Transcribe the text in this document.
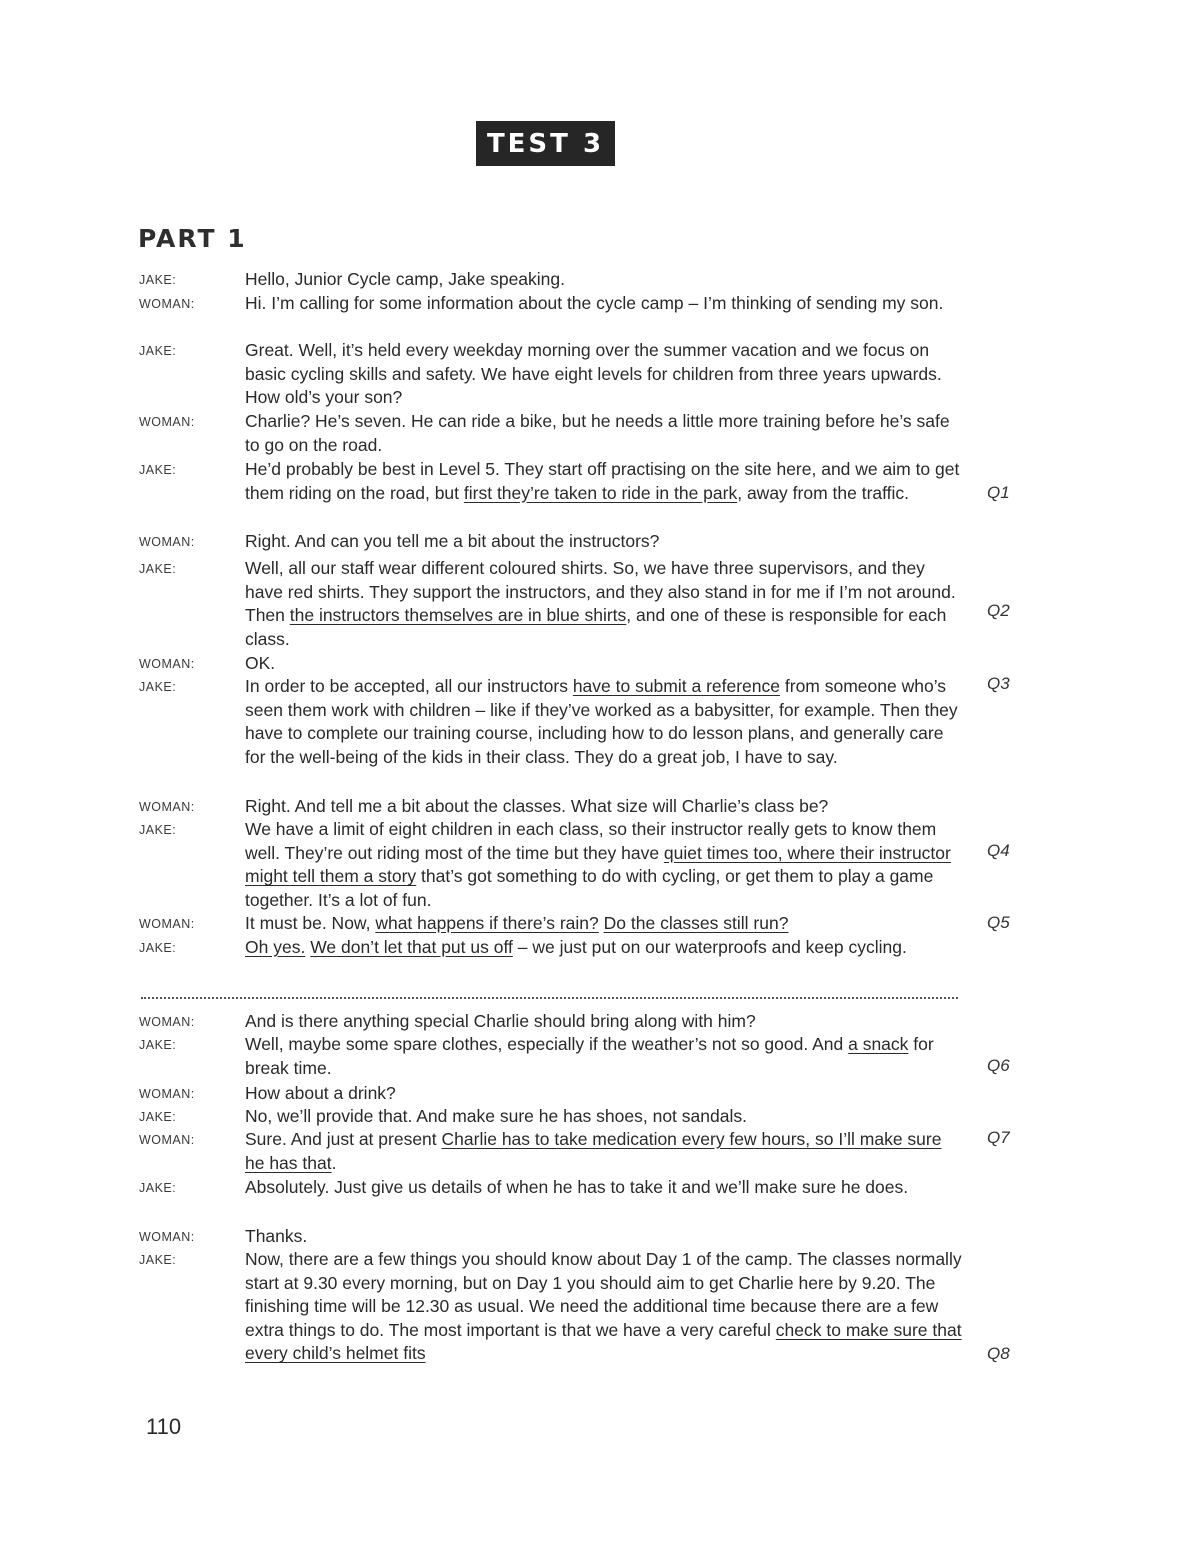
TEST 3
PART 1
JAKE:	Hello, Junior Cycle camp, Jake speaking.
WOMAN:	Hi. I’m calling for some information about the cycle camp – I’m thinking of sending my son.
JAKE:	Great. Well, it’s held every weekday morning over the summer vacation and we focus on basic cycling skills and safety. We have eight levels for children from three years upwards. How old’s your son?
WOMAN:	Charlie? He’s seven. He can ride a bike, but he needs a little more training before he’s safe to go on the road.
JAKE:	He’d probably be best in Level 5. They start off practising on the site here, and we aim to get them riding on the road, but first they’re taken to ride in the park, away from the traffic.
WOMAN:	Right. And can you tell me a bit about the instructors?
JAKE:	Well, all our staff wear different coloured shirts. So, we have three supervisors, and they have red shirts. They support the instructors, and they also stand in for me if I’m not around. Then the instructors themselves are in blue shirts, and one of these is responsible for each class.
WOMAN:	OK.
JAKE:	In order to be accepted, all our instructors have to submit a reference from someone who’s seen them work with children – like if they’ve worked as a babysitter, for example. Then they have to complete our training course, including how to do lesson plans, and generally care for the well-being of the kids in their class. They do a great job, I have to say.
WOMAN:	Right. And tell me a bit about the classes. What size will Charlie’s class be?
JAKE:	We have a limit of eight children in each class, so their instructor really gets to know them well. They’re out riding most of the time but they have quiet times too, where their instructor might tell them a story that’s got something to do with cycling, or get them to play a game together. It’s a lot of fun.
WOMAN:	It must be. Now, what happens if there’s rain? Do the classes still run?
JAKE:	Oh yes. We don’t let that put us off – we just put on our waterproofs and keep cycling.
WOMAN:	And is there anything special Charlie should bring along with him?
JAKE:	Well, maybe some spare clothes, especially if the weather’s not so good. And a snack for break time.
WOMAN:	How about a drink?
JAKE:	No, we’ll provide that. And make sure he has shoes, not sandals.
WOMAN:	Sure. And just at present Charlie has to take medication every few hours, so I’ll make sure he has that.
JAKE:	Absolutely. Just give us details of when he has to take it and we’ll make sure he does.
WOMAN:	Thanks.
JAKE:	Now, there are a few things you should know about Day 1 of the camp. The classes normally start at 9.30 every morning, but on Day 1 you should aim to get Charlie here by 9.20. The finishing time will be 12.30 as usual. We need the additional time because there are a few extra things to do. The most important is that we have a very careful check to make sure that every child’s helmet fits
Q1
Q2
Q3
Q4
Q5
Q6
Q7
Q8
110
